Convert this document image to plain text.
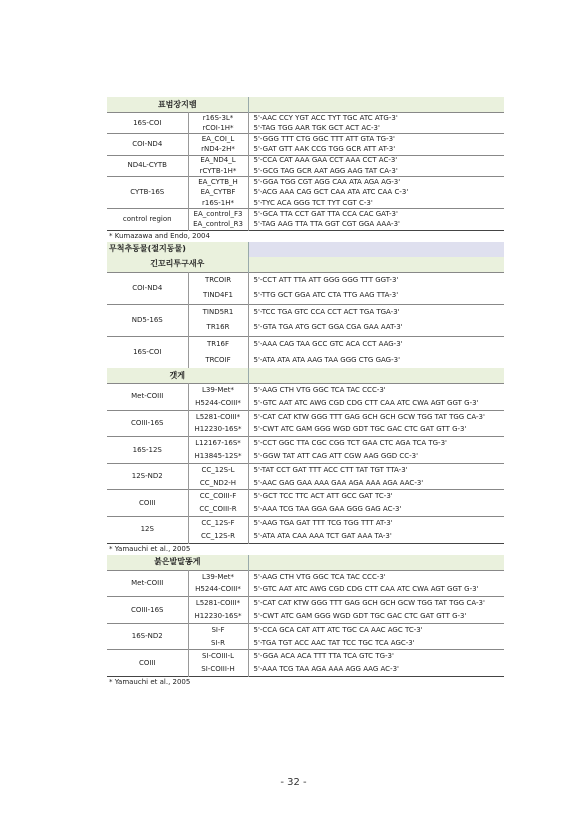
표범장지뱀		
16S-COI	r16S-3L*	5'-AAC CCY YGT ACC TYT TGC ATC ATG-3'
	rCOI-1H*	5'-TAG TGG AAR TGK GCT ACT AC-3'
COI-ND4	EA_COI_L	5'-GGG TTT CTG GGC TTT ATT GTA TG-3'
	rND4-2H*	5'-GAT GTT AAK CCG TGG GCR ATT AT-3'
ND4L-CYTB	EA_ND4_L	5'-CCA CAT AAA GAA CCT AAA CCT AC-3'
	rCYTB-1H*	5'-GCG TAG GCR AAT AGG AAG TAT CA-3'
CYTB-16S	EA_CYTB_H	5'-GGA TGG CGT AGG CAA ATA AGA AG-3'
	EA_CYTBF	5'-ACG AAA CAG GCT CAA ATA ATC CAA C-3'
	r16S-1H*	5'-TYC ACA GGG TCT TYT CGT C-3'
control region	EA_control_F3	5'-GCA TTA CCT GAT TTA CCA CAC GAT-3'
	EA_control_R3	5'-TAG AAG TTA TTA GGT CGT GGA AAA-3'
* Kumazawa and Endo, 2004		
무척추동물(절지동물)		
긴꼬리투구새우		
COI-ND4	TRCOIR	5'-CCT ATT TTA ATT GGG GGG TTT GGT-3'
	TIND4F1	5'-TTG GCT GGA ATC CTA TTG AAG TTA-3'
ND5-16S	TIND5R1	5'-TCC TGA GTC CCA CCT ACT TGA TGA-3'
	TR16R	5'-GTA TGA ATG GCT GGA CGA GAA AAT-3'
16S-COI	TR16F	5'-AAA CAG TAA GCC GTC ACA CCT AAG-3'
	TRCOIF	5'-ATA ATA ATA AAG TAA GGG CTG GAG-3'
갯게		
Met-COIII	L39-Met*	5'-AAG CTH VTG GGC TCA TAC CCC-3'
	H5244-COIII*	5'-GTC AAT ATC AWG CGD CDG CTT CAA ATC CWA AGT GGT G-3'
COIII-16S	L5281-COIII*	5'-CAT CAT KTW GGG TTT GAG GCH GCH GCW TGG TAT TGG CA-3'
	H12230-16S*	5'-CWT ATC GAM GGG WGD GDT TGC GAC CTC GAT GTT G-3'
16S-12S	L12167-16S*	5'-CCT GGC TTA CGC CGG TCT GAA CTC AGA TCA TG-3'
	H13845-12S*	5'-GGW TAT ATT CAG ATT CGW AAG GGD CC-3'
12S-ND2	CC_12S-L	5'-TAT CCT GAT TTT ACC CTT TAT TGT TTA-3'
	CC_ND2-H	5'-AAC GAG GAA AAA GAA AGA AAA AGA AAC-3'
COIII	CC_COIII-F	5'-GCT TCC TTC ACT ATT GCC GAT TC-3'
	CC_COIII-R	5'-AAA TCG TAA GGA GAA GGG GAG AC-3'
12S	CC_12S-F	5'-AAG TGA GAT TTT TCG TGG TTT AT-3'
	CC_12S-R	5'-ATA ATA CAA AAA TCT GAT AAA TA-3'
* Yamauchi et al., 2005		
붉은발말똥게		
Met-COIII	L39-Met*	5'-AAG CTH VTG GGC TCA TAC CCC-3'
	H5244-COIII*	5'-GTC AAT ATC AWG CGD CDG CTT CAA ATC CWA AGT GGT G-3'
COIII-16S	L5281-COIII*	5'-CAT CAT KTW GGG TTT GAG GCH GCH GCW TGG TAT TGG CA-3'
	H12230-16S*	5'-CWT ATC GAM GGG WGD GDT TGC GAC CTC GAT GTT G-3'
16S-ND2	SI-F	5'-CCA GCA CAT ATT ATC TGC CA AAC AGC TC-3'
	SI-R	5'-TGA TGT ACC AAC TAT TCC TGC TCA AGC-3'
COIII	SI-COIII-L	5'-GGA ACA ACA TTT TTA TCA GTC TG-3'
	SI-COIII-H	5'-AAA TCG TAA AGA AAA AGG AAG AC-3'
* Yamauchi et al., 2005		
- 32 -
